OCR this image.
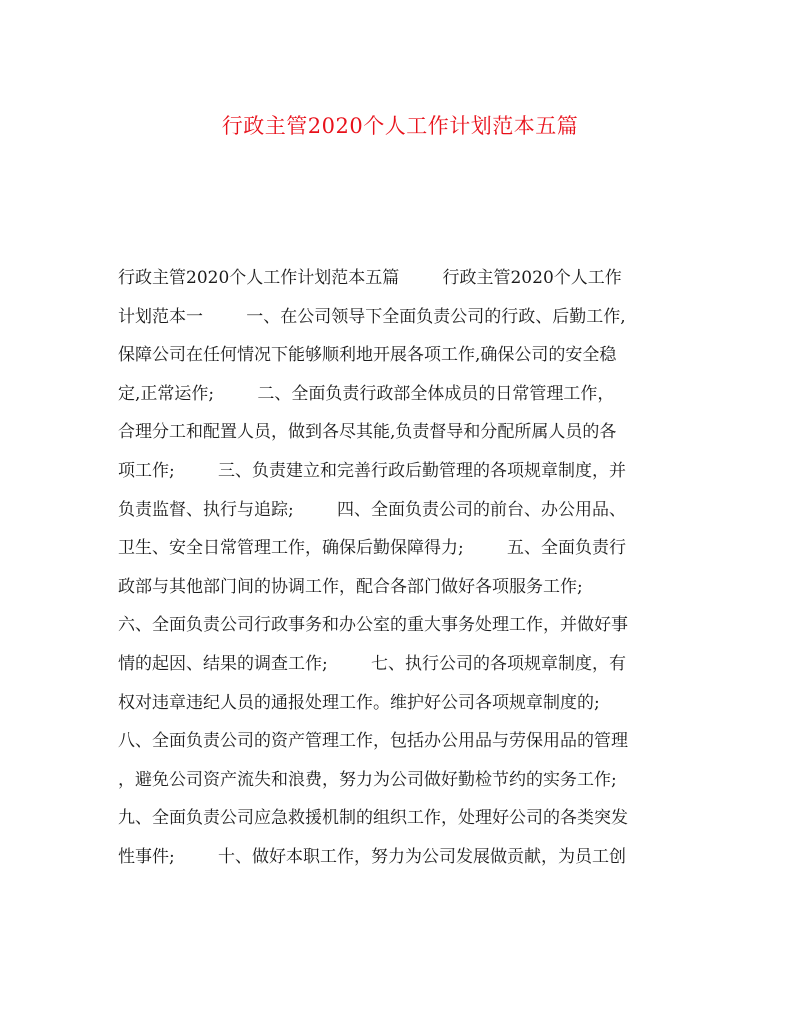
行政主管2020个人工作计划范本五篇
行政主管2020个人工作计划范本五篇        行政主管2020个人工作
计划范本一        一、在公司领导下全面负责公司的行政、后勤工作,
保障公司在任何情况下能够顺利地开展各项工作,确保公司的安全稳
定,正常运作;        二、全面负责行政部全体成员的日常管理工作，
合理分工和配置人员，做到各尽其能,负责督导和分配所属人员的各
项工作;        三、负责建立和完善行政后勤管理的各项规章制度，并
负责监督、执行与追踪;        四、全面负责公司的前台、办公用品、
卫生、安全日常管理工作，确保后勤保障得力;        五、全面负责行
政部与其他部门间的协调工作，配合各部门做好各项服务工作;
六、全面负责公司行政事务和办公室的重大事务处理工作，并做好事
情的起因、结果的调查工作;        七、执行公司的各项规章制度，有
权对违章违纪人员的通报处理工作。维护好公司各项规章制度的;
八、全面负责公司的资产管理工作，包括办公用品与劳保用品的管理
，避免公司资产流失和浪费，努力为公司做好勤检节约的实务工作;
九、全面负责公司应急救援机制的组织工作，处理好公司的各类突发
性事件;        十、做好本职工作，努力为公司发展做贡献，为员工创
